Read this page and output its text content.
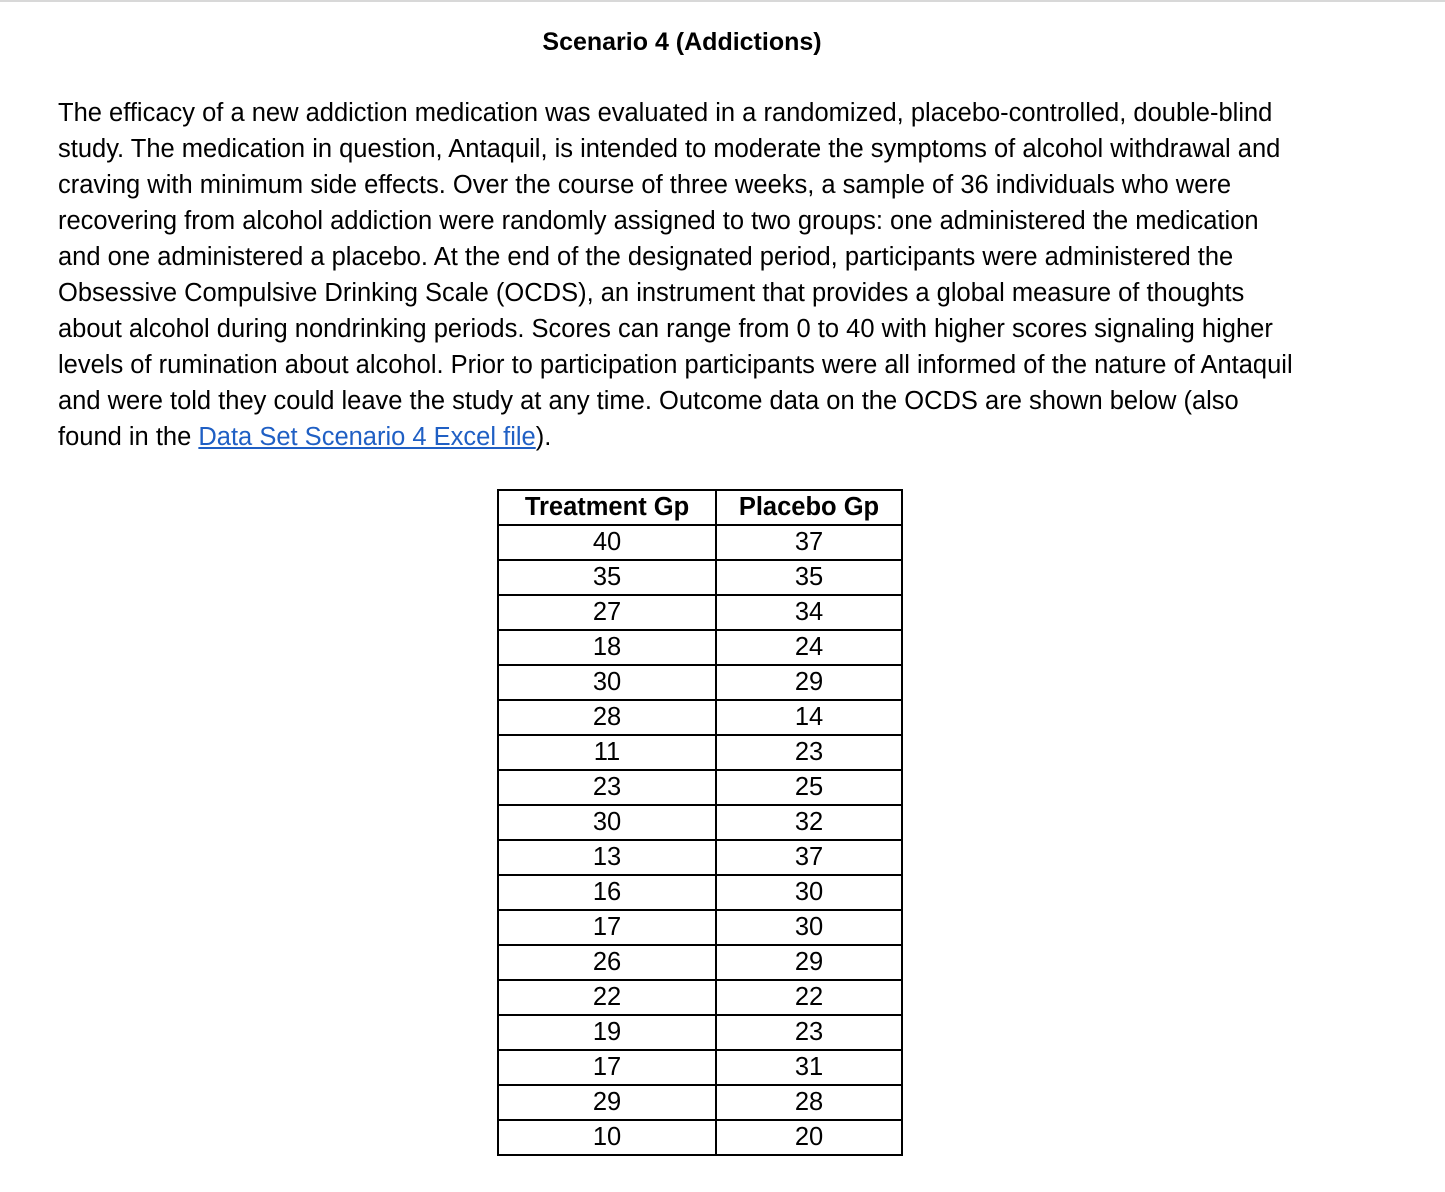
Scenario 4 (Addictions)

The efficacy of a new addiction medication was evaluated in a randomized, placebo-controlled, double-blind study. The medication in question, Antaquil, is intended to moderate the symptoms of alcohol withdrawal and craving with minimum side effects. Over the course of three weeks, a sample of 36 individuals who were recovering from alcohol addiction were randomly assigned to two groups: one administered the medication and one administered a placebo. At the end of the designated period, participants were administered the Obsessive Compulsive Drinking Scale (OCDS), an instrument that provides a global measure of thoughts about alcohol during nondrinking periods. Scores can range from 0 to 40 with higher scores signaling higher levels of rumination about alcohol. Prior to participation participants were all informed of the nature of Antaquil and were told they could leave the study at any time. Outcome data on the OCDS are shown below (also found in the Data Set Scenario 4 Excel file).

Treatment Gp	Placebo Gp
40	37
35	35
27	34
18	24
30	29
28	14
11	23
23	25
30	32
13	37
16	30
17	30
26	29
22	22
19	23
17	31
29	28
10	20
